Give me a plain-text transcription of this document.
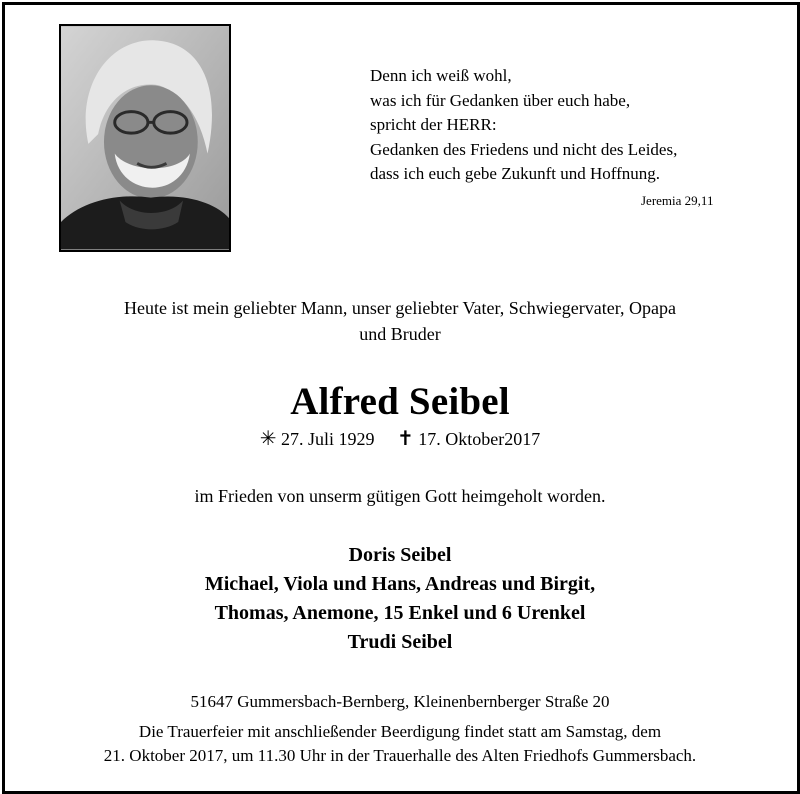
Denn ich weiß wohl,
was ich für Gedanken über euch habe,
spricht der HERR:
Gedanken des Friedens und nicht des Leides,
dass ich euch gebe Zukunft und Hoffnung.
Jeremia 29,11
Heute ist mein geliebter Mann, unser geliebter Vater, Schwiegervater, Opapa
und Bruder
Alfred Seibel
✳ 27. Juli 1929 ✝ 17. Oktober2017
im Frieden von unserm gütigen Gott heimgeholt worden.
Doris Seibel
Michael, Viola und Hans, Andreas und Birgit,
Thomas, Anemone, 15 Enkel und 6 Urenkel
Trudi Seibel
51647 Gummersbach-Bernberg, Kleinenbernberger Straße 20
Die Trauerfeier mit anschließender Beerdigung findet statt am Samstag, dem
21. Oktober 2017, um 11.30 Uhr in der Trauerhalle des Alten Friedhofs Gummersbach.
